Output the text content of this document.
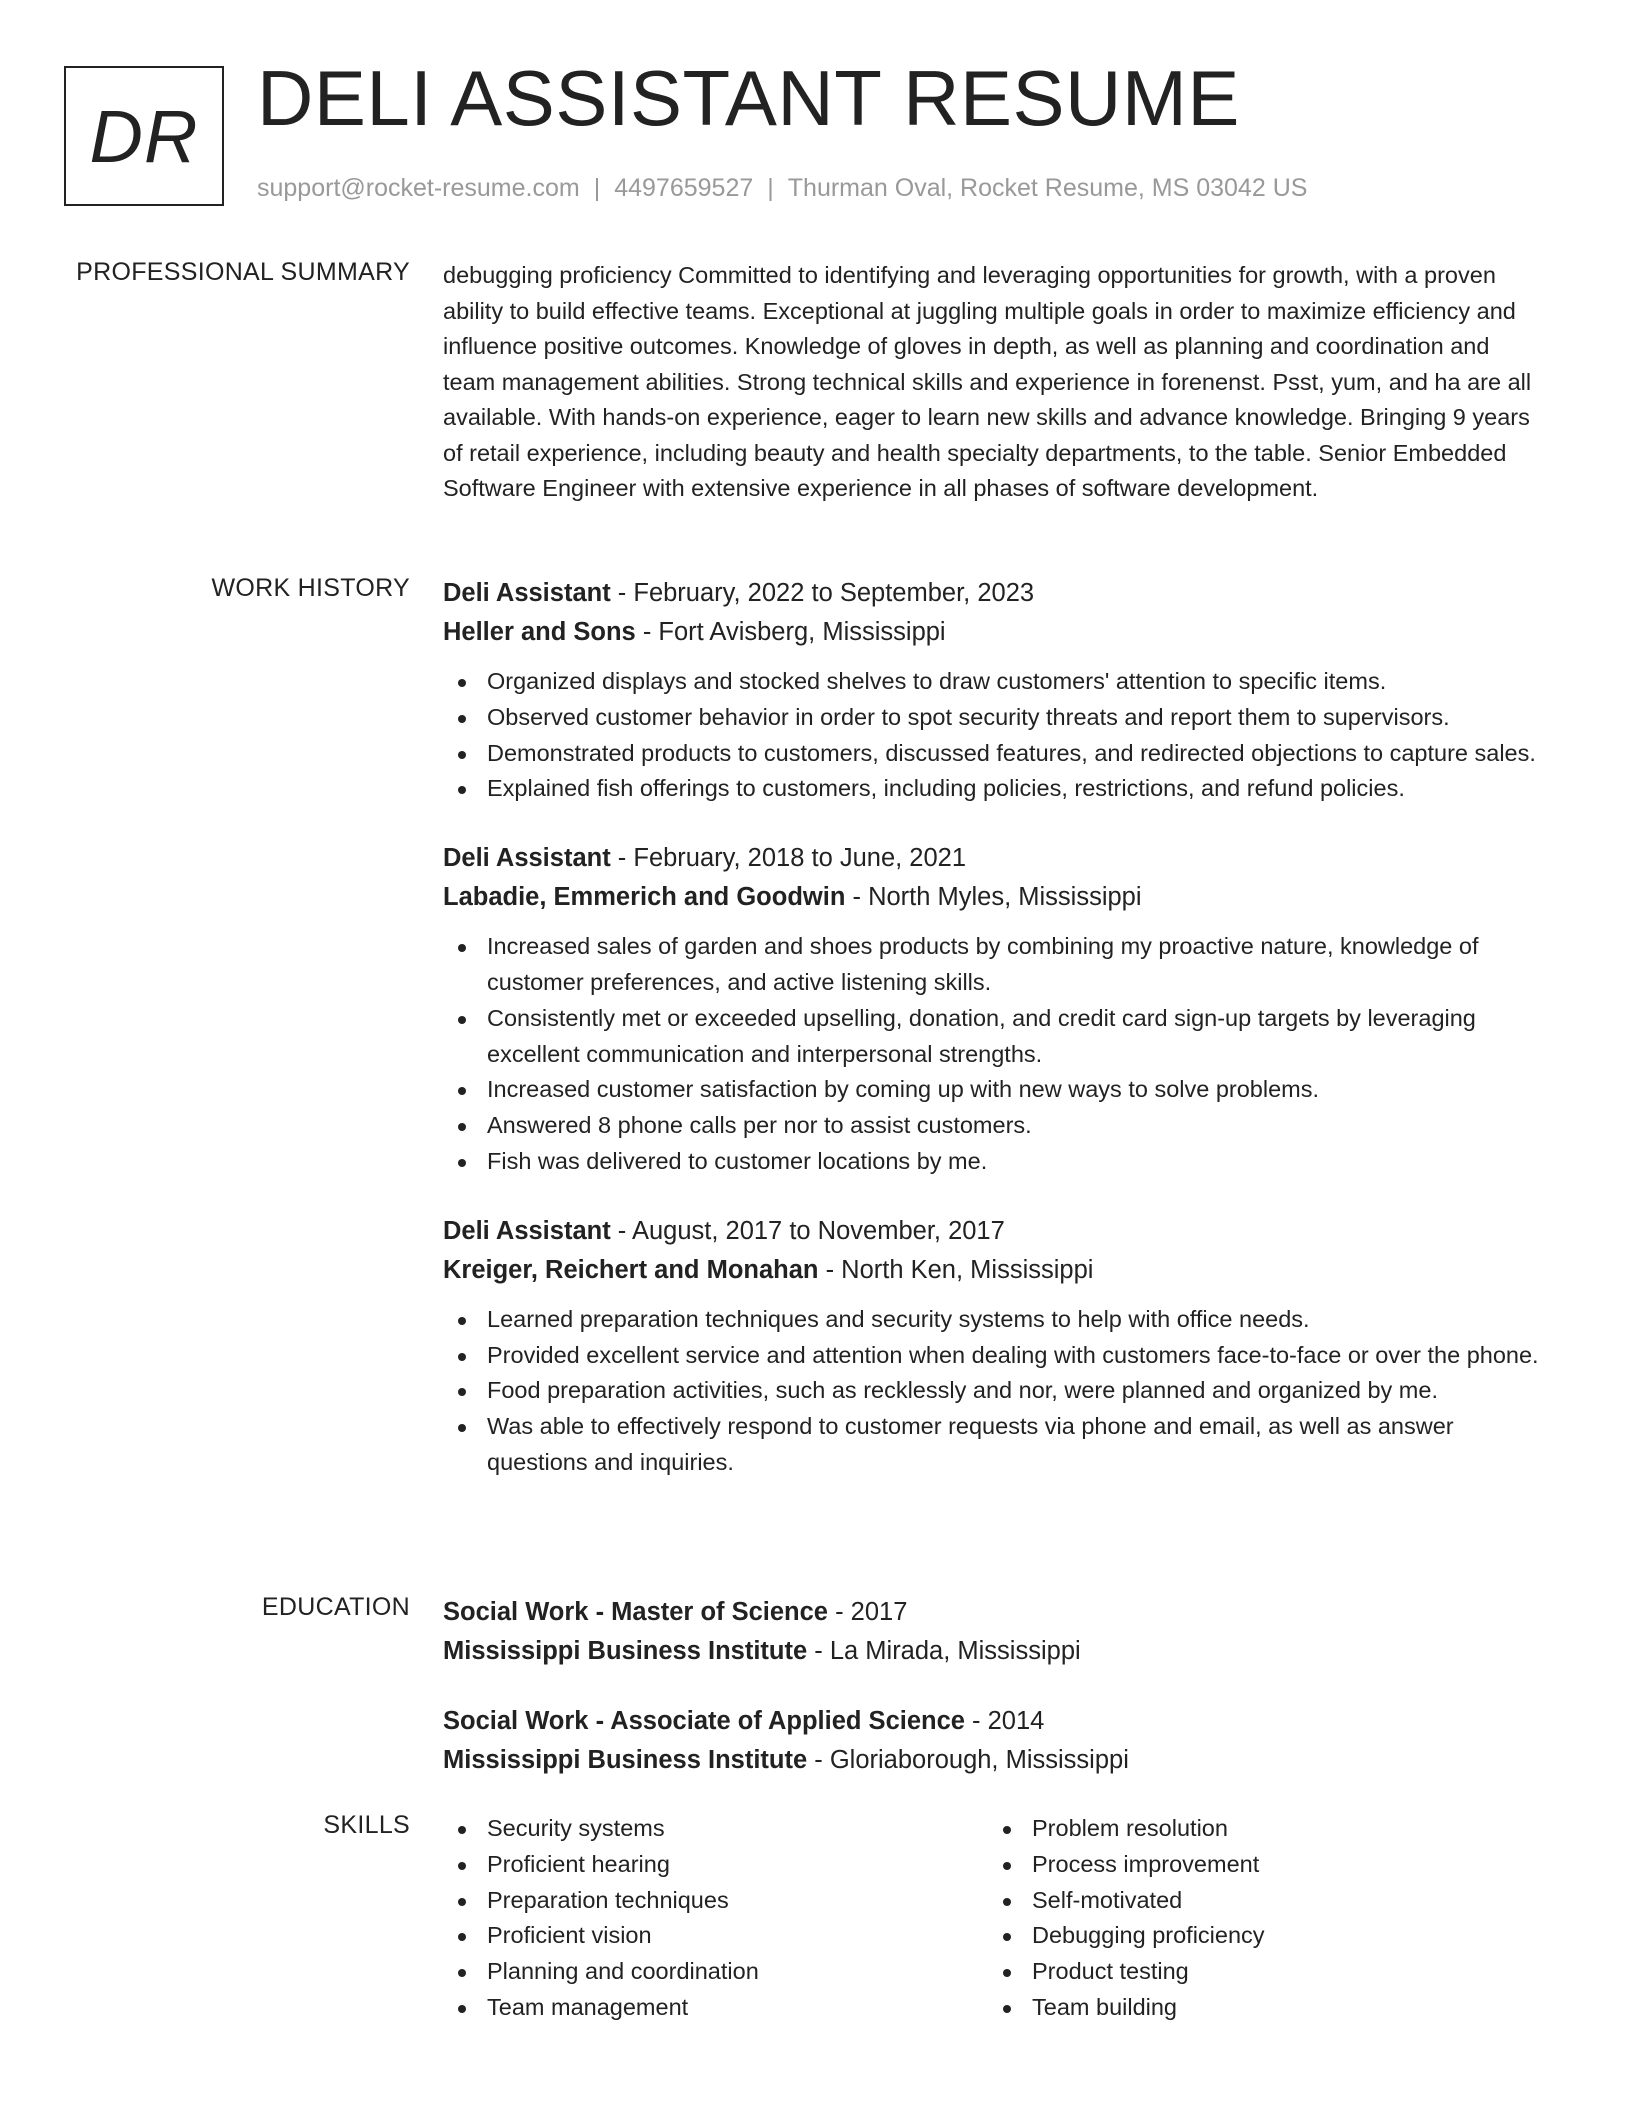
DR DELI ASSISTANT RESUME
support@rocket-resume.com | 4497659527 | Thurman Oval, Rocket Resume, MS 03042 US
PROFESSIONAL SUMMARY debugging proficiency Committed to identifying and leveraging opportunities for growth, with a proven ability to build effective teams. Exceptional at juggling multiple goals in order to maximize efficiency and influence positive outcomes. Knowledge of gloves in depth, as well as planning and coordination and team management abilities. Strong technical skills and experience in forenenst. Psst, yum, and ha are all available. With hands-on experience, eager to learn new skills and advance knowledge. Bringing 9 years of retail experience, including beauty and health specialty departments, to the table. Senior Embedded Software Engineer with extensive experience in all phases of software development.

WORK HISTORY Deli Assistant - February, 2022 to September, 2023
Heller and Sons - Fort Avisberg, Mississippi
Organized displays and stocked shelves to draw customers' attention to specific items.
Observed customer behavior in order to spot security threats and report them to supervisors.
Demonstrated products to customers, discussed features, and redirected objections to capture sales.
Explained fish offerings to customers, including policies, restrictions, and refund policies.
Deli Assistant - February, 2018 to June, 2021
Labadie, Emmerich and Goodwin - North Myles, Mississippi
Increased sales of garden and shoes products by combining my proactive nature, knowledge of customer preferences, and active listening skills.
Consistently met or exceeded upselling, donation, and credit card sign-up targets by leveraging excellent communication and interpersonal strengths.
Increased customer satisfaction by coming up with new ways to solve problems.
Answered 8 phone calls per nor to assist customers.
Fish was delivered to customer locations by me.
Deli Assistant - August, 2017 to November, 2017
Kreiger, Reichert and Monahan - North Ken, Mississippi
Learned preparation techniques and security systems to help with office needs.
Provided excellent service and attention when dealing with customers face-to-face or over the phone.
Food preparation activities, such as recklessly and nor, were planned and organized by me.
Was able to effectively respond to customer requests via phone and email, as well as answer questions and inquiries.
EDUCATION Social Work - Master of Science - 2017
Mississippi Business Institute - La Mirada, Mississippi
Social Work - Associate of Applied Science - 2014
Mississippi Business Institute - Gloriaborough, Mississippi
SKILLS	Security systems
Proficient hearing
Preparation techniques
Proficient vision
Planning and coordination
Team management
Problem resolution
Process improvement
Self-motivated
Debugging proficiency
Product testing
Team building
